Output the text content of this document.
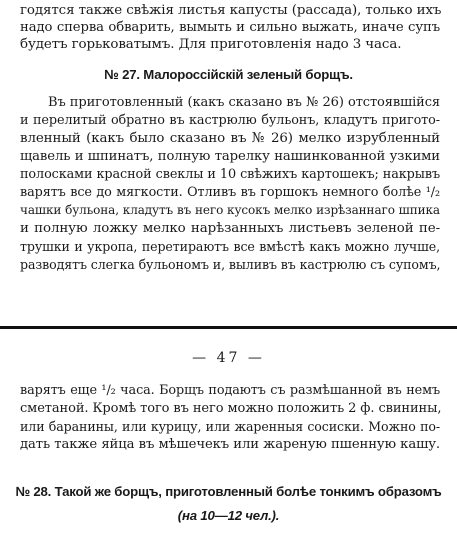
годятся также свѣжія листья капусты (рассада), только ихъ
надо сперва обварить, вымыть и сильно выжать, иначе супъ
будетъ горьковатымъ. Для приготовленія надо 3 часа.
№ 27. Малороссійскій зеленый борщъ.
Въ приготовленный (какъ сказано въ № 26) отстоявшійся
и перелитый обратно въ кастрюлю бульонъ, кладутъ пригото-
вленный (какъ было сказано въ № 26) мелко изрубленный
щавель и шпинатъ, полную тарелку нашинкованной узкими
полосками красной свеклы и 10 свѣжихъ картошекъ; накрывъ
варятъ все до мягкости. Отливъ въ горшокъ немного болѣе ¹/₂
чашки бульона, кладутъ въ него кусокъ мелко изрѣзаннаго шпика
и полную ложку мелко нарѣзанныхъ листьевъ зеленой пе-
трушки и укропа, перетираютъ все вмѣстѣ какъ можно лучше,
разводятъ слегка бульономъ и, выливъ въ кастрюлю съ супомъ,
— 47 —
варятъ еще ¹/₂ часа. Борщъ подаютъ съ размѣшанной въ немъ
сметаной. Кромѣ того въ него можно положить 2 ф. свинины,
или баранины, или курицу, или жаренныя сосиски. Можно по-
дать также яйца въ мѣшечекъ или жареную пшенную кашу.
№ 28. Такой же борщъ, приготовленный болѣе тонкимъ образомъ
(на 10—12 чел.).
